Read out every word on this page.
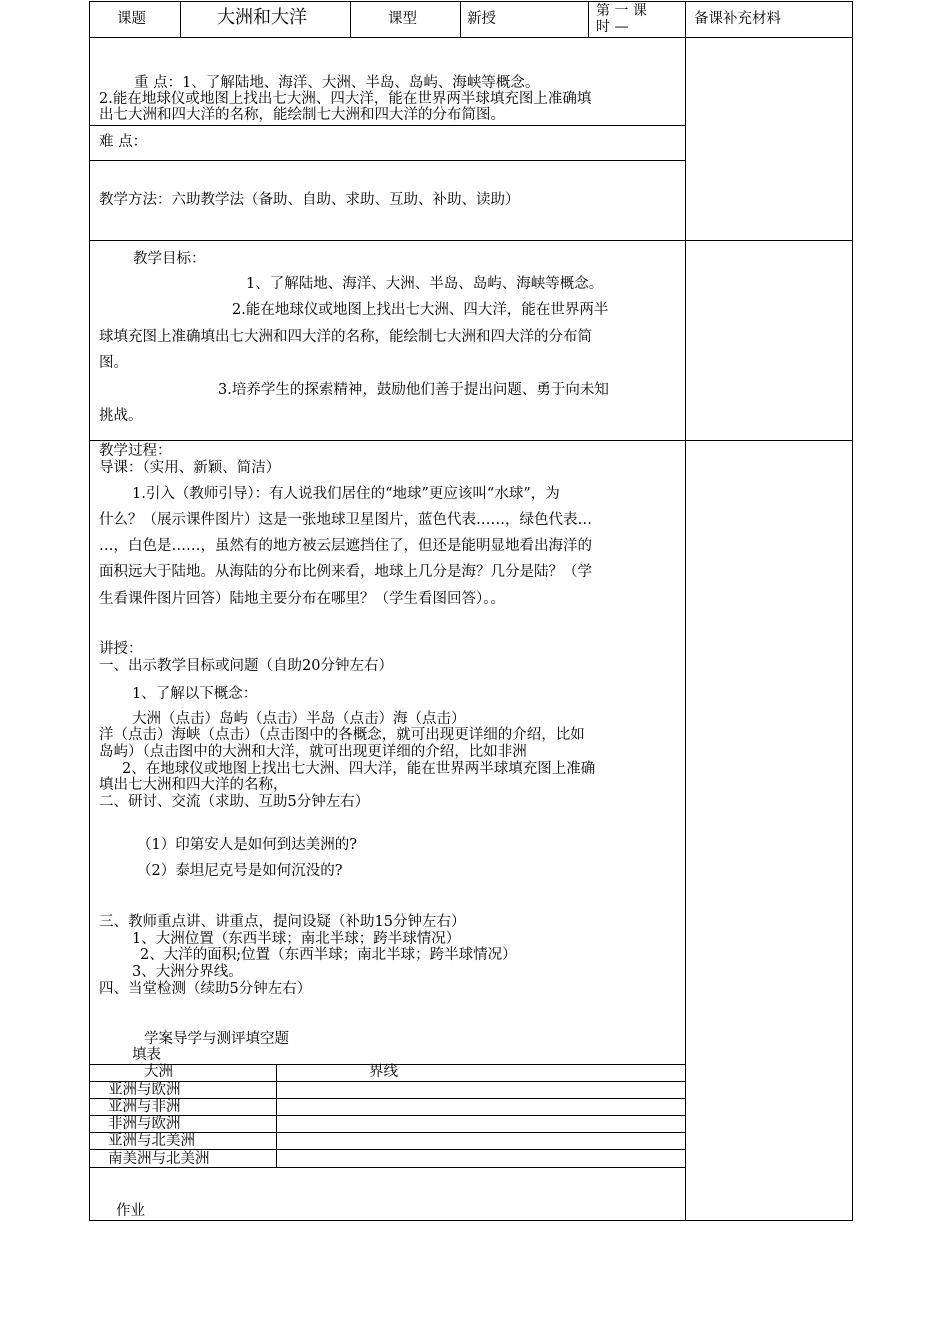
课题	大洲和大洋	课型	新授	第 一 课
时 —	备课补充材料
重 点：1、了解陆地、海洋、大洲、半岛、岛屿、海峡等概念。
2.能在地球仪或地图上找出七大洲、四大洋，能在世界两半球填充图上准确填
出七大洲和四大洋的名称，能绘制七大洲和四大洋的分布简图。
难 点：
教学方法：六助教学法（备助、自助、求助、互助、补助、读助）
教学目标：
1、了解陆地、海洋、大洲、半岛、岛屿、海峡等概念。
2.能在地球仪或地图上找出七大洲、四大洋，能在世界两半
球填充图上准确填出七大洲和四大洋的名称，能绘制七大洲和四大洋的分布简
图。
3.培养学生的探索精神，鼓励他们善于提出问题、勇于向未知
挑战。
教学过程：
导课：（实用、新颖、简洁）
1.引入（教师引导）：有人说我们居住的“地球”更应该叫“水球”，为
什么？（展示课件图片）这是一张地球卫星图片，蓝色代表……，绿色代表…
…，白色是……，虽然有的地方被云层遮挡住了，但还是能明显地看出海洋的
面积远大于陆地。从海陆的分布比例来看，地球上几分是海？几分是陆？（学
生看课件图片回答）陆地主要分布在哪里？（学生看图回答）。。
讲授：
一、出示教学目标或问题（自助20分钟左右）
1、了解以下概念：
大洲（点击）岛屿（点击）半岛（点击）海（点击）
洋（点击）海峡（点击）（点击图中的各概念，就可出现更详细的介绍，比如
岛屿）（点击图中的大洲和大洋，就可出现更详细的介绍，比如非洲
2、在地球仪或地图上找出七大洲、四大洋，能在世界两半球填充图上准确
填出七大洲和四大洋的名称，
二、研讨、交流（求助、互助5分钟左右）
（1）印第安人是如何到达美洲的?
（2）泰坦尼克号是如何沉没的?
三、教师重点讲、讲重点，提问设疑（补助15分钟左右）
1、大洲位置（东西半球；南北半球；跨半球情况）
2、大洋的面积;位置（东西半球；南北半球；跨半球情况）
3、大洲分界线。
四、当堂检测（续助5分钟左右）
学案导学与测评填空题
填表
大洲	界线
亚洲与欧洲
亚洲与非洲
非洲与欧洲
亚洲与北美洲
南美洲与北美洲
作业
